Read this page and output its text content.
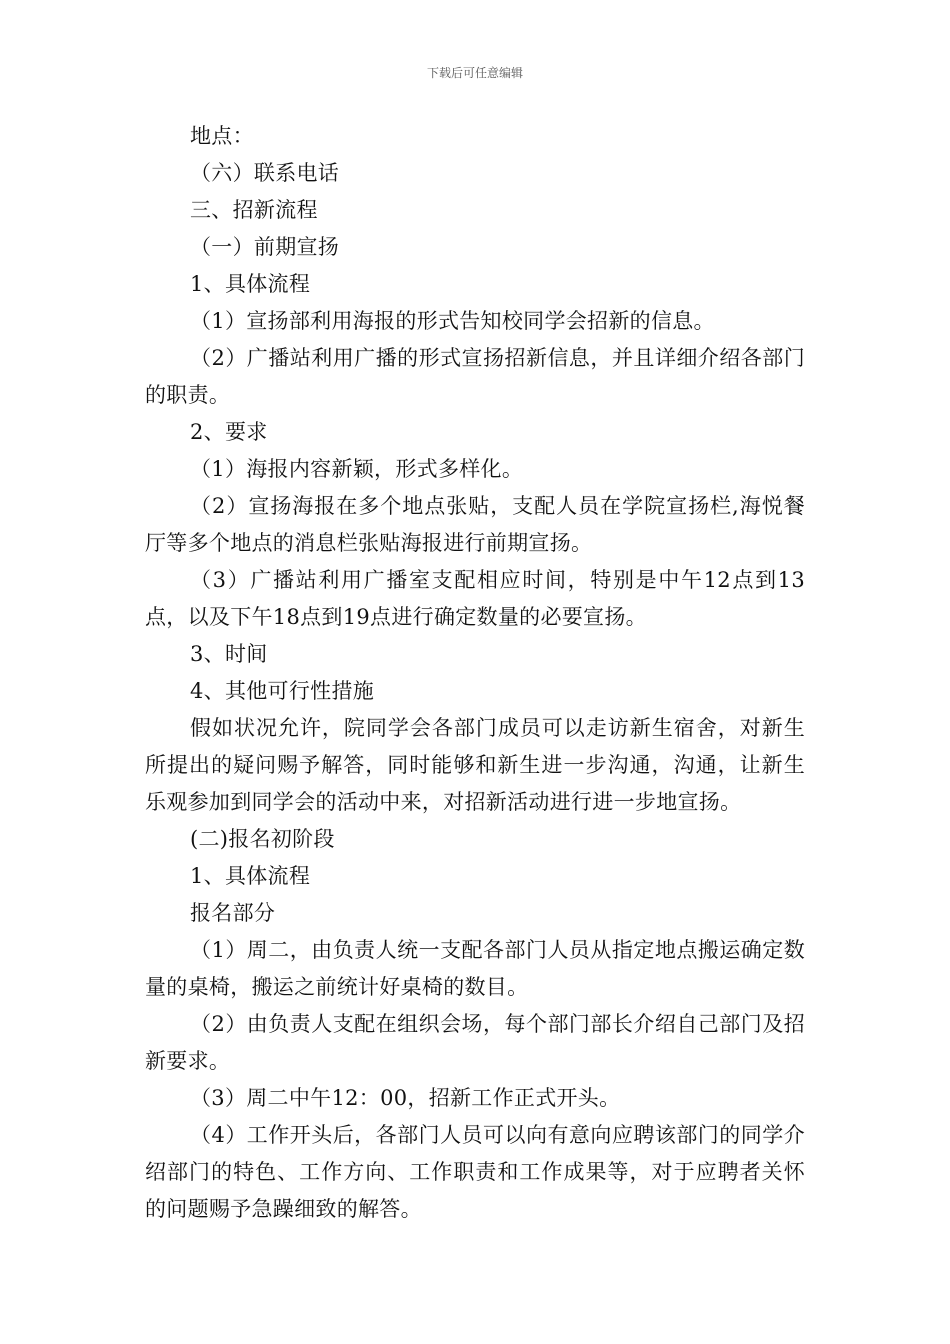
下载后可任意编辑

地点：

（六）联系电话

三、招新流程

（一）前期宣扬

1、具体流程

（1）宣扬部利用海报的形式告知校同学会招新的信息。

（2）广播站利用广播的形式宣扬招新信息，并且详细介绍各部门的职责。

2、要求

（1）海报内容新颖，形式多样化。

（2）宣扬海报在多个地点张贴，支配人员在学院宣扬栏,海悦餐厅等多个地点的消息栏张贴海报进行前期宣扬。

（3）广播站利用广播室支配相应时间，特别是中午12点到13点，以及下午18点到19点进行确定数量的必要宣扬。

3、时间

4、其他可行性措施

假如状况允许，院同学会各部门成员可以走访新生宿舍，对新生所提出的疑问赐予解答，同时能够和新生进一步沟通，沟通，让新生乐观参加到同学会的活动中来，对招新活动进行进一步地宣扬。

(二)报名初阶段

1、具体流程

报名部分

（1）周二，由负责人统一支配各部门人员从指定地点搬运确定数量的桌椅，搬运之前统计好桌椅的数目。

（2）由负责人支配在组织会场，每个部门部长介绍自己部门及招新要求。

（3）周二中午12：00，招新工作正式开头。

（4）工作开头后，各部门人员可以向有意向应聘该部门的同学介绍部门的特色、工作方向、工作职责和工作成果等，对于应聘者关怀的问题赐予急躁细致的解答。
